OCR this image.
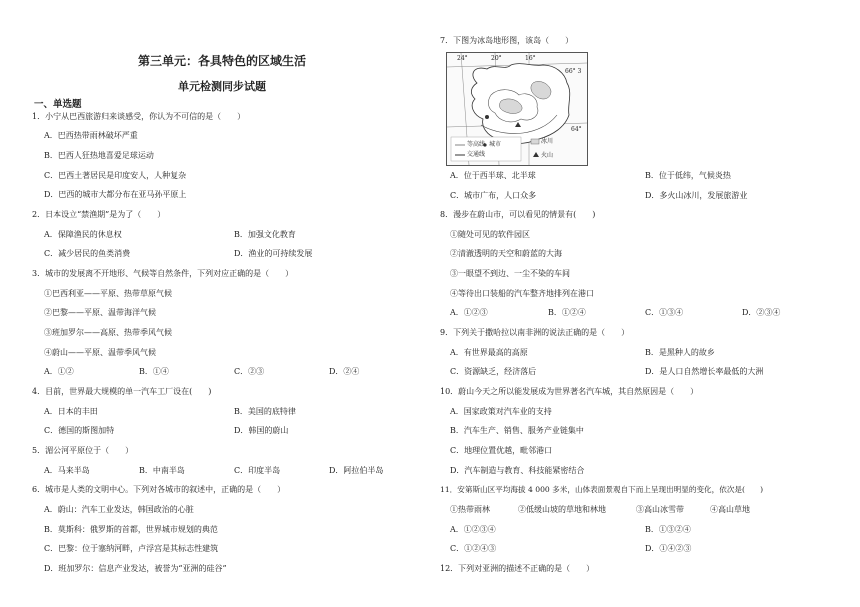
第三单元：各具特色的区域生活
单元检测同步试题
一、单选题
1．小宁从巴西旅游归来谈感受，你认为不可信的是（　　）
A．巴西热带雨林破坏严重
B．巴西人狂热地喜爱足球运动
C．巴西土著居民是印度安人，人种复杂
D．巴西的城市大都分布在亚马孙平原上
2．日本设立“禁渔期”是为了（　　）
A．保障渔民的休息权	B．加强文化教育
C．减少居民的鱼类消费	D．渔业的可持续发展
3．城市的发展离不开地形、气候等自然条件，下列对应正确的是（　　）
①巴西利亚——平原、热带草原气候
②巴黎——平原、温带海洋气候
③班加罗尔——高原、热带季风气候
④蔚山——平原、温带季风气候
A．①②	B．①④	C．②③	D．②④
4．目前，世界最大规模的单一汽车工厂设在(　　)
A．日本的丰田	B．美国的底特律
C．德国的斯图加特	D．韩国的蔚山
5．湄公河平原位于（　　）
A．马来半岛	B．中南半岛	C．印度半岛	D．阿拉伯半岛
6．城市是人类的文明中心。下列对各城市的叙述中，正确的是（　　）
A．蔚山：汽车工业发达，韩国政治的心脏
B．莫斯科：俄罗斯的首都，世界城市规划的典范
C．巴黎：位于塞纳河畔，卢浮宫是其标志性建筑
D．班加罗尔：信息产业发达，被誉为“亚洲的硅谷”
7．下图为冰岛地形图，该岛（　　）
24°	20°	16°
66° 3
64°
等高线 城市	冰川
火山
交通线
A．位于西半球、北半球	B．位于低纬，气候炎热
C．城市广布，人口众多	D．多火山冰川，发展旅游业
8．漫步在蔚山市，可以看见的情景有(　　)
①随处可见的软件园区
②清澈透明的天空和蔚蓝的大海
③一眼望不到边、一尘不染的车间
④等待出口装船的汽车整齐地排列在港口
A．①②③	B．①②④	C．①③④	D．②③④
9．下列关于撒哈拉以南非洲的说法正确的是（　　）
A．有世界最高的高原	B．是黑种人的故乡
C．资源缺乏，经济落后	D．是人口自然增长率最低的大洲
10．蔚山今天之所以能发展成为世界著名汽车城，其自然原因是（　　）
A．国家政策对汽车业的支持
B．汽车生产、销售、服务产业链集中
C．地理位置优越，毗邻港口
D．汽车制造与教育、科技能紧密结合
11．安第斯山区平均海拔 4 000 多米，山体表面景观自下而上呈现出明显的变化，依次是(　　)
①热带雨林	②低缓山坡的草地和林地	③高山冰雪带	④高山草地
A．①②③④	B．①③②④
C．①②④③	D．①④②③
12．下列对亚洲的描述不正确的是（　　）
